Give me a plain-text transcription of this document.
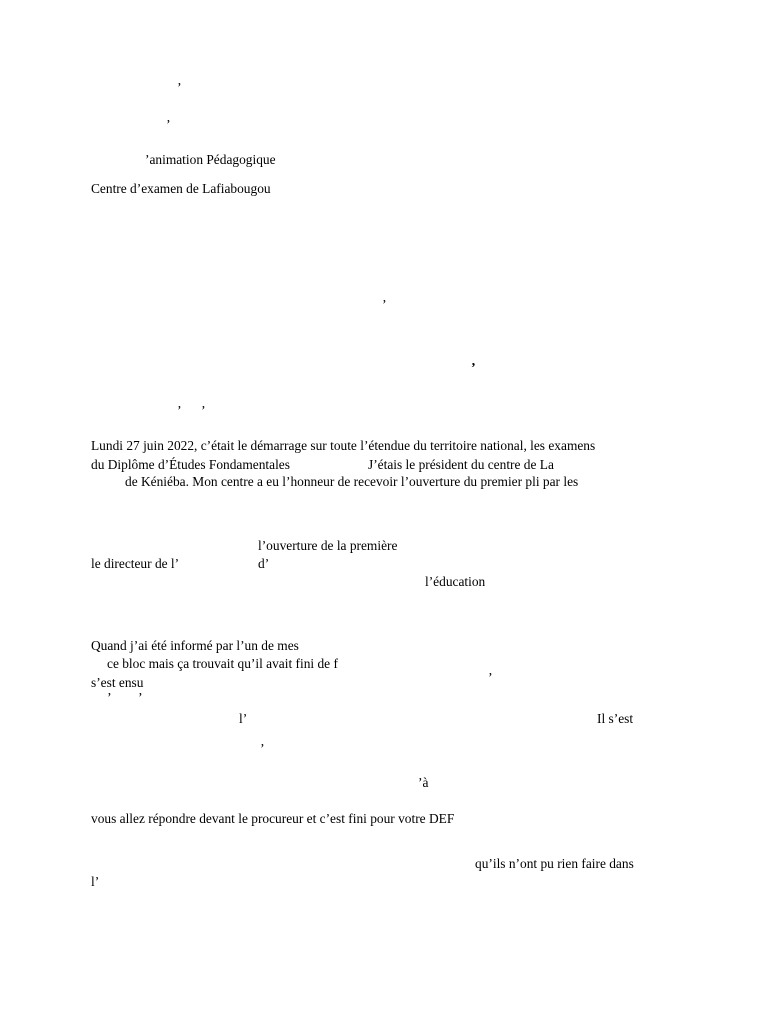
’
’
’animation Pédagogique
Centre d’examen de Lafiabougou
’
’
’ ’
Lundi 27 juin 2022, c’était le démarrage sur toute l’étendue du territoire national, les examens
du Diplôme d’Études Fondamentales	J’étais le président du centre de La
de Kéniéba. Mon centre a eu l’honneur de recevoir l’ouverture du premier pli par les
l’ouverture de la première
le directeur de l’	d’
l’éducation
Quand j’ai été informé par l’un de mes
ce bloc mais ça trouvait qu’il avait fini de f
s’est ensu	’
’ ’
l’	Il s’est
’
’à
vous allez répondre devant le procureur et c’est fini pour votre DEF
qu’ils n’ont pu rien faire dans
l’
